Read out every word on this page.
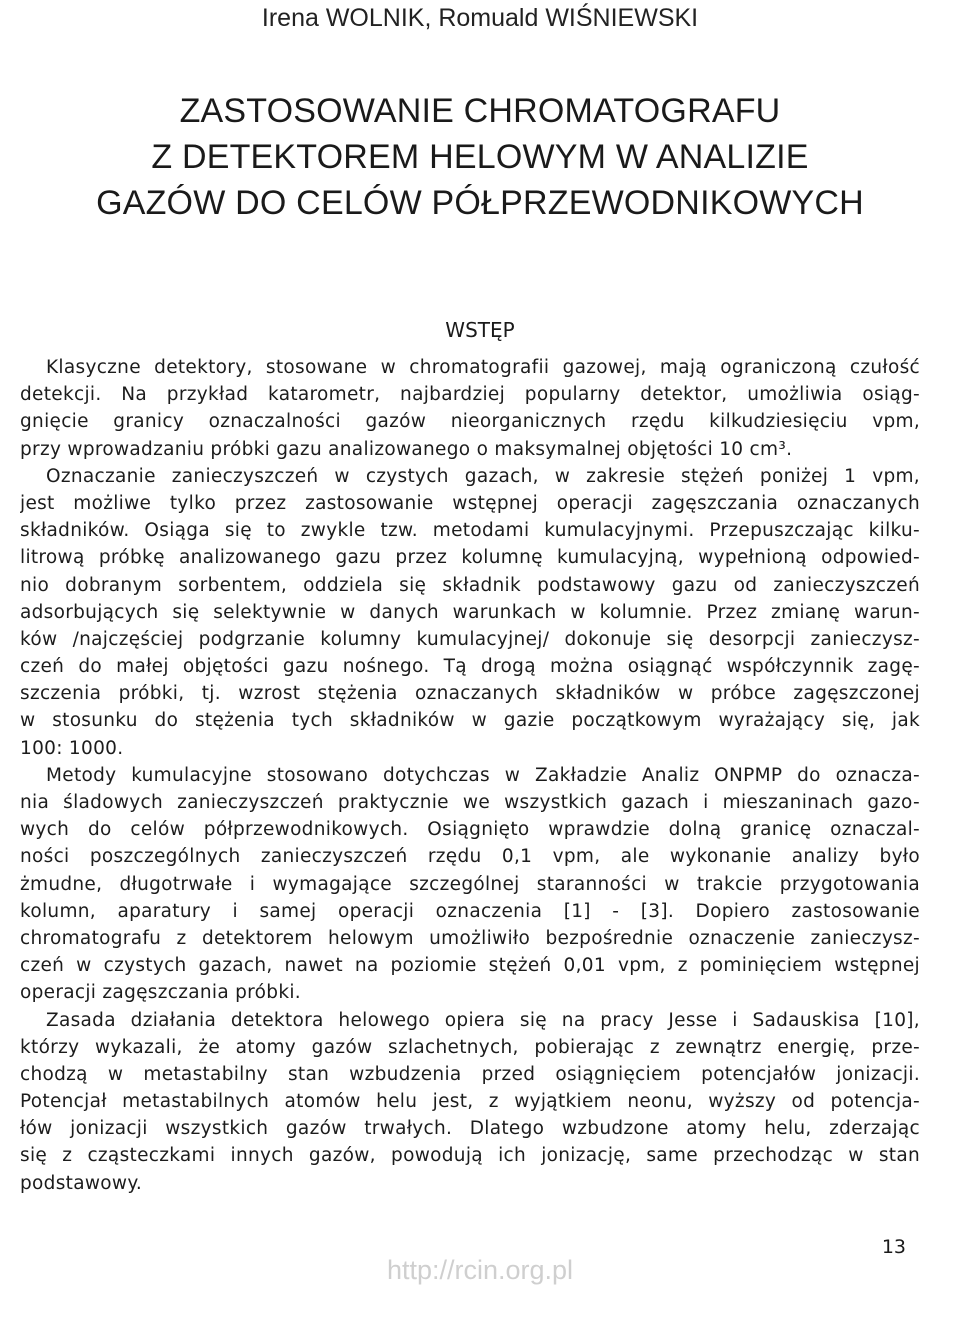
Irena WOLNIK, Romuald WIŚNIEWSKI
ZASTOSOWANIE CHROMATOGRAFU
Z DETEKTOREM HELOWYM W ANALIZIE
GAZÓW DO CELÓW PÓŁPRZEWODNIKOWYCH
WSTĘP
Klasyczne detektory, stosowane w chromatografii gazowej, mają ograniczoną czułość
detekcji. Na przykład katarometr, najbardziej popularny detektor, umożliwia osiąg-
gnięcie granicy oznaczalności gazów nieorganicznych rzędu kilkudziesięciu vpm,
przy wprowadzaniu próbki gazu analizowanego o maksymalnej objętości 10 cm³.
Oznaczanie zanieczyszczeń w czystych gazach, w zakresie stężeń poniżej 1 vpm,
jest możliwe tylko przez zastosowanie wstępnej operacji zagęszczania oznaczanych
składników. Osiąga się to zwykle tzw. metodami kumulacyjnymi. Przepuszczając kilku-
litrową próbkę analizowanego gazu przez kolumnę kumulacyjną, wypełnioną odpowied-
nio dobranym sorbentem, oddziela się składnik podstawowy gazu od zanieczyszczeń
adsorbujących się selektywnie w danych warunkach w kolumnie. Przez zmianę warun-
ków /najczęściej podgrzanie kolumny kumulacyjnej/ dokonuje się desorpcji zanieczysz-
czeń do małej objętości gazu nośnego. Tą drogą można osiągnąć współczynnik zagę-
szczenia próbki, tj. wzrost stężenia oznaczanych składników w próbce zagęszczonej
w stosunku do stężenia tych składników w gazie początkowym wyrażający się, jak
100: 1000.
Metody kumulacyjne stosowano dotychczas w Zakładzie Analiz ONPMP do oznacza-
nia śladowych zanieczyszczeń praktycznie we wszystkich gazach i mieszaninach gazo-
wych do celów półprzewodnikowych. Osiągnięto wprawdzie dolną granicę oznaczal-
ności poszczególnych zanieczyszczeń rzędu 0,1 vpm, ale wykonanie analizy było
żmudne, długotrwałe i wymagające szczególnej staranności w trakcie przygotowania
kolumn, aparatury i samej operacji oznaczenia [1] - [3]. Dopiero zastosowanie
chromatografu z detektorem helowym umożliwiło bezpośrednie oznaczenie zanieczysz-
czeń w czystych gazach, nawet na poziomie stężeń 0,01 vpm, z pominięciem wstępnej
operacji zagęszczania próbki.
Zasada działania detektora helowego opiera się na pracy Jesse i Sadauskisa [10],
którzy wykazali, że atomy gazów szlachetnych, pobierając z zewnątrz energię, prze-
chodzą w metastabilny stan wzbudzenia przed osiągnięciem potencjałów jonizacji.
Potencjał metastabilnych atomów helu jest, z wyjątkiem neonu, wyższy od potencja-
łów jonizacji wszystkich gazów trwałych. Dlatego wzbudzone atomy helu, zderzając
się z cząsteczkami innych gazów, powodują ich jonizację, same przechodząc w stan
podstawowy.
13
http://rcin.org.pl
